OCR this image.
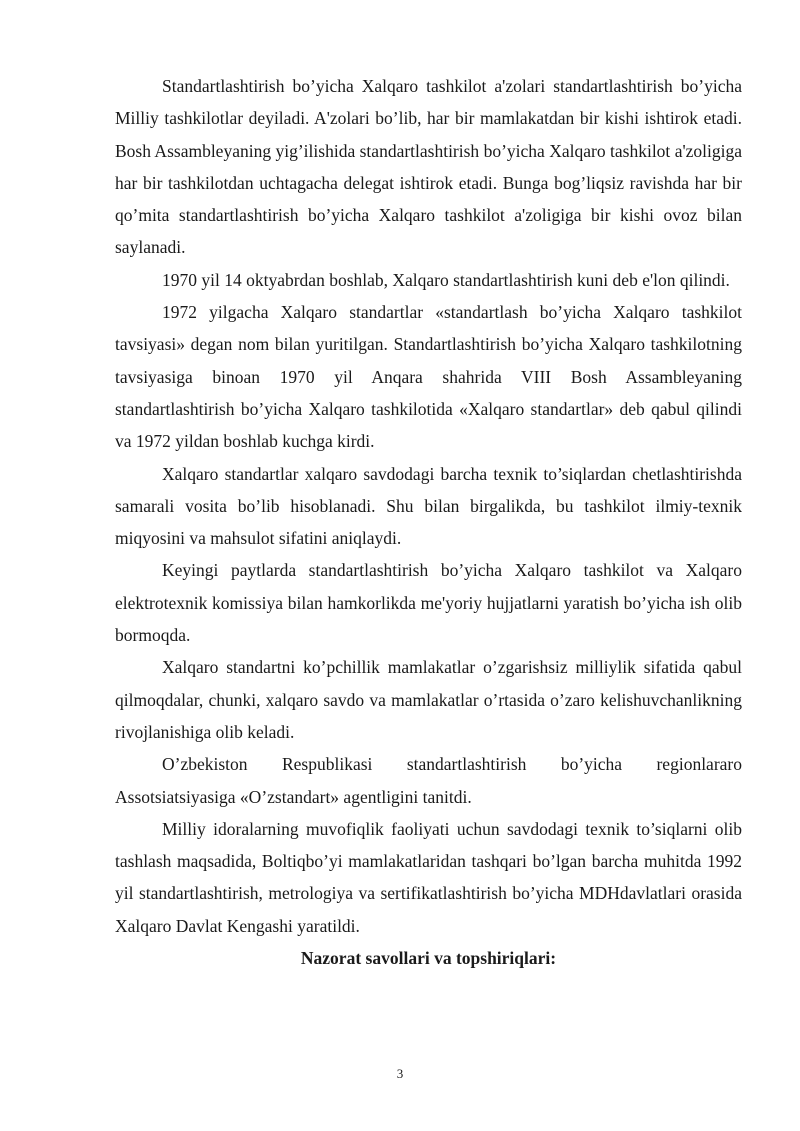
Standartlashtirish bo’yicha Xalqaro tashkilot a'zolari standartlashtirish bo’yicha Milliy tashkilotlar deyiladi. A'zolari bo’lib, har bir mamlakatdan bir kishi ishtirok etadi. Bosh Assambleyaning yig’ilishida standartlashtirish bo’yicha Xalqaro tashkilot a'zoligiga har bir tashkilotdan uchtagacha delegat ishtirok etadi. Bunga bog’liqsiz ravishda har bir qo’mita standartlashtirish bo’yicha Xalqaro tashkilot a'zoligiga bir kishi ovoz bilan saylanadi.

1970 yil 14 oktyabrdan boshlab, Xalqaro standartlashtirish kuni deb e'lon qilindi.

1972 yilgacha Xalqaro standartlar «standartlash bo’yicha Xalqaro tashkilot tavsiyasi» degan nom bilan yuritilgan. Standartlashtirish bo’yicha Xalqaro tashkilotning tavsiyasiga binoan 1970 yil Anqara shahrida VIII Bosh Assambleyaning standartlashtirish bo’yicha Xalqaro tashkilotida «Xalqaro standartlar» deb qabul qilindi va 1972 yildan boshlab kuchga kirdi.

Xalqaro standartlar xalqaro savdodagi barcha texnik to’siqlardan chetlashtirishda samarali vosita bo’lib hisoblanadi. Shu bilan birgalikda, bu tashkilot ilmiy-texnik miqyosini va mahsulot sifatini aniqlaydi.

Keyingi paytlarda standartlashtirish bo’yicha Xalqaro tashkilot va Xalqaro elektrotexnik komissiya bilan hamkorlikda me'yoriy hujjatlarni yaratish bo’yicha ish olib bormoqda.

Xalqaro standartni ko’pchillik mamlakatlar o’zgarishsiz milliylik sifatida qabul qilmoqdalar, chunki, xalqaro savdo va mamlakatlar o’rtasida o’zaro kelishuvchanlikning rivojlanishiga olib keladi.

O’zbekiston Respublikasi standartlashtirish bo’yicha regionlararo Assotsiatsiyasiga «O’zstandart» agentligini tanitdi.

Milliy idoralarning muvofiqlik faoliyati uchun savdodagi texnik to’siqlarni olib tashlash maqsadida, Boltiqbo’yi mamlakatlaridan tashqari bo’lgan barcha muhitda 1992 yil standartlashtirish, metrologiya va sertifikatlashtirish bo’yicha MDHdavlatlari orasida Xalqaro Davlat Kengashi yaratildi.

Nazorat savollari va topshiriqlari:

3
